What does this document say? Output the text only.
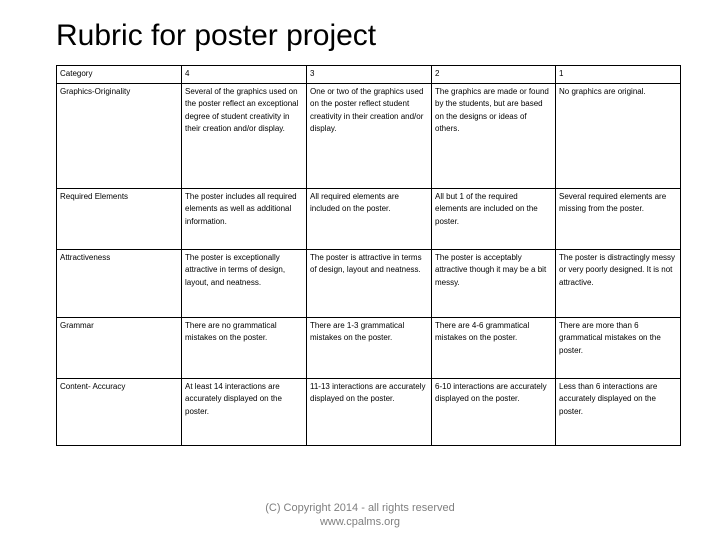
Rubric for poster project
Category	4	3	2	1
Graphics-Originality	Several of the graphics used on the poster reflect an exceptional degree of student creativity in their creation and/or display.	One or two of the graphics used on the poster reflect student creativity in their creation and/or display.	The graphics are made or found by the students, but are based on the designs or ideas of others.	No graphics are original.
Required Elements	The poster includes all required elements as well as additional information.	All required elements are included on the poster.	All but 1 of the required elements are included on the poster.	Several required elements are missing from the poster.
Attractiveness	The poster is exceptionally attractive in terms of design, layout, and neatness.	The poster is attractive in terms of design, layout and neatness.	The poster is acceptably attractive though it may be a bit messy.	The poster is distractingly messy or very poorly designed. It is not attractive.
Grammar	There are no grammatical mistakes on the poster.	There are 1-3 grammatical mistakes on the poster.	There are 4-6 grammatical mistakes on the poster.	There are more than 6 grammatical mistakes on the poster.
Content- Accuracy	At least 14 interactions are accurately displayed on the poster.	11-13 interactions are accurately displayed on the poster.	6-10 interactions are accurately displayed on the poster.	Less than 6 interactions are accurately displayed on the poster.
(C) Copyright 2014 - all rights reserved
www.cpalms.org
